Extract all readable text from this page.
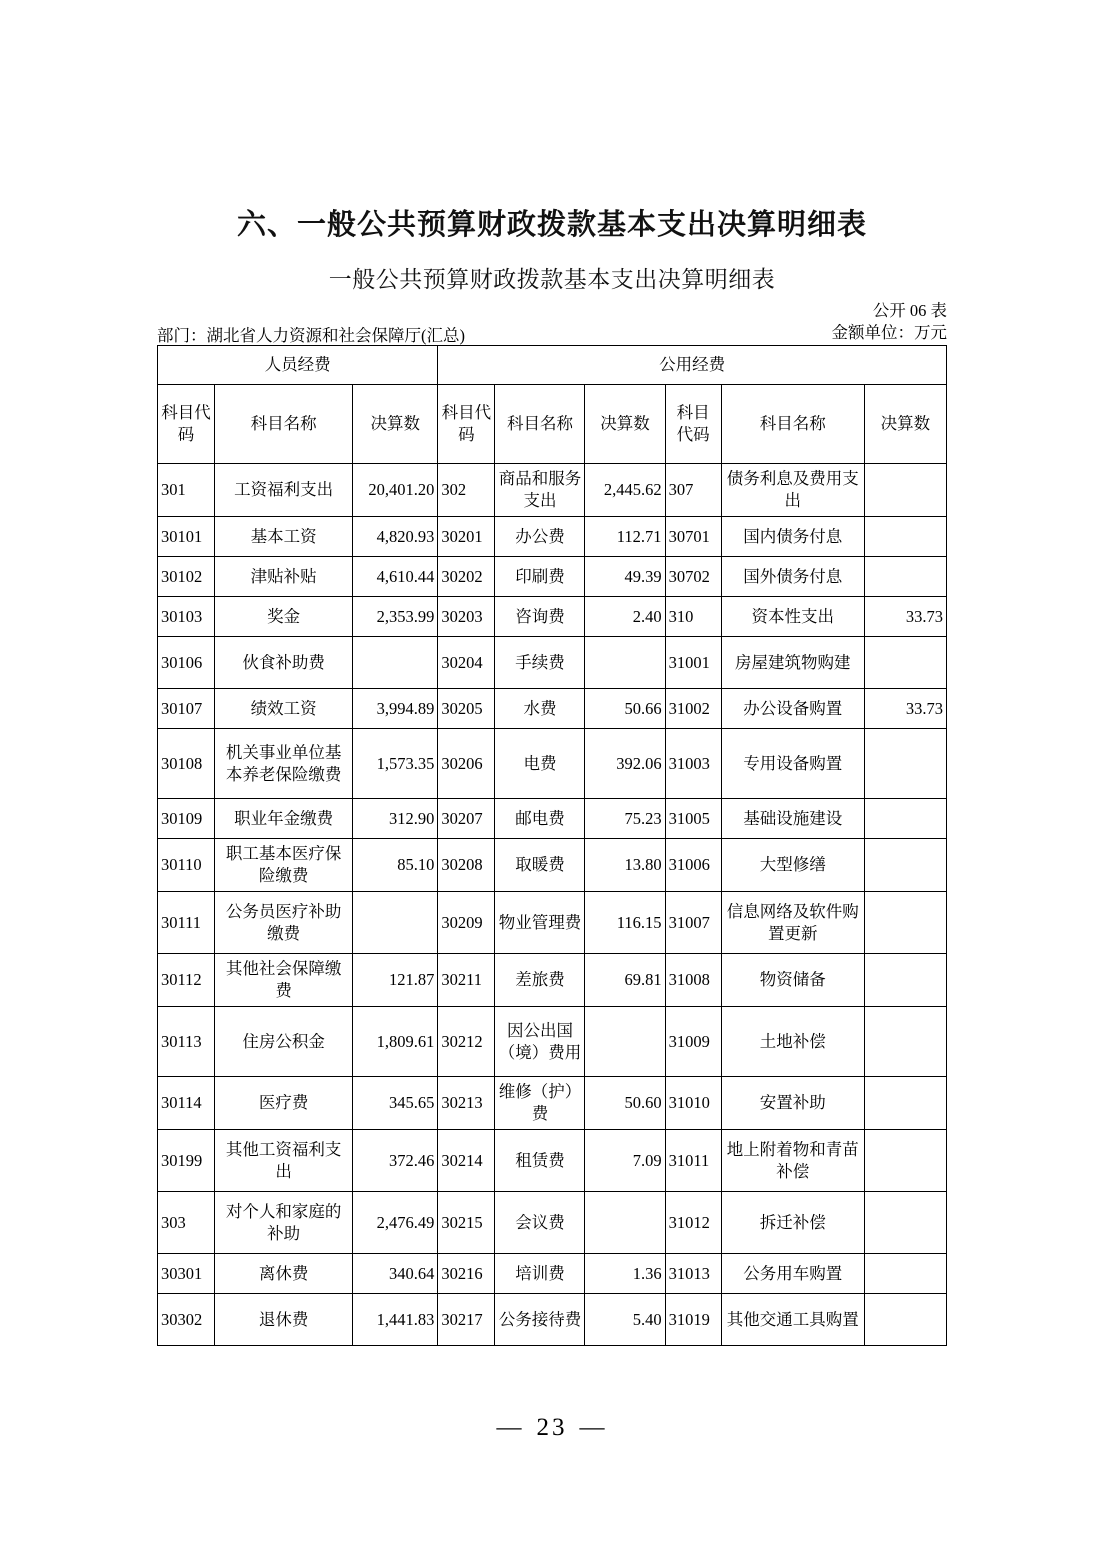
六、一般公共预算财政拨款基本支出决算明细表
一般公共预算财政拨款基本支出决算明细表
公开 06 表
金额单位：万元
部门：湖北省人力资源和社会保障厅(汇总)
人员经费			公用经费					
科目代码	科目名称	决算数	科目代码	科目名称	决算数	科目代码	科目名称	决算数
301	工资福利支出	20,401.20	302	商品和服务支出	2,445.62	307	债务利息及费用支出	
30101	基本工资	4,820.93	30201	办公费	112.71	30701	国内债务付息	
30102	津贴补贴	4,610.44	30202	印刷费	49.39	30702	国外债务付息	
30103	奖金	2,353.99	30203	咨询费	2.40	310	资本性支出	33.73
30106	伙食补助费		30204	手续费		31001	房屋建筑物购建	
30107	绩效工资	3,994.89	30205	水费	50.66	31002	办公设备购置	33.73
30108	机关事业单位基本养老保险缴费	1,573.35	30206	电费	392.06	31003	专用设备购置	
30109	职业年金缴费	312.90	30207	邮电费	75.23	31005	基础设施建设	
30110	职工基本医疗保险缴费	85.10	30208	取暖费	13.80	31006	大型修缮	
30111	公务员医疗补助缴费		30209	物业管理费	116.15	31007	信息网络及软件购置更新	
30112	其他社会保障缴费	121.87	30211	差旅费	69.81	31008	物资储备	
30113	住房公积金	1,809.61	30212	因公出国（境）费用		31009	土地补偿	
30114	医疗费	345.65	30213	维修（护）费	50.60	31010	安置补助	
30199	其他工资福利支出	372.46	30214	租赁费	7.09	31011	地上附着物和青苗补偿	
303	对个人和家庭的补助	2,476.49	30215	会议费		31012	拆迁补偿	
30301	离休费	340.64	30216	培训费	1.36	31013	公务用车购置	
30302	退休费	1,441.83	30217	公务接待费	5.40	31019	其他交通工具购置	
— 23 —
